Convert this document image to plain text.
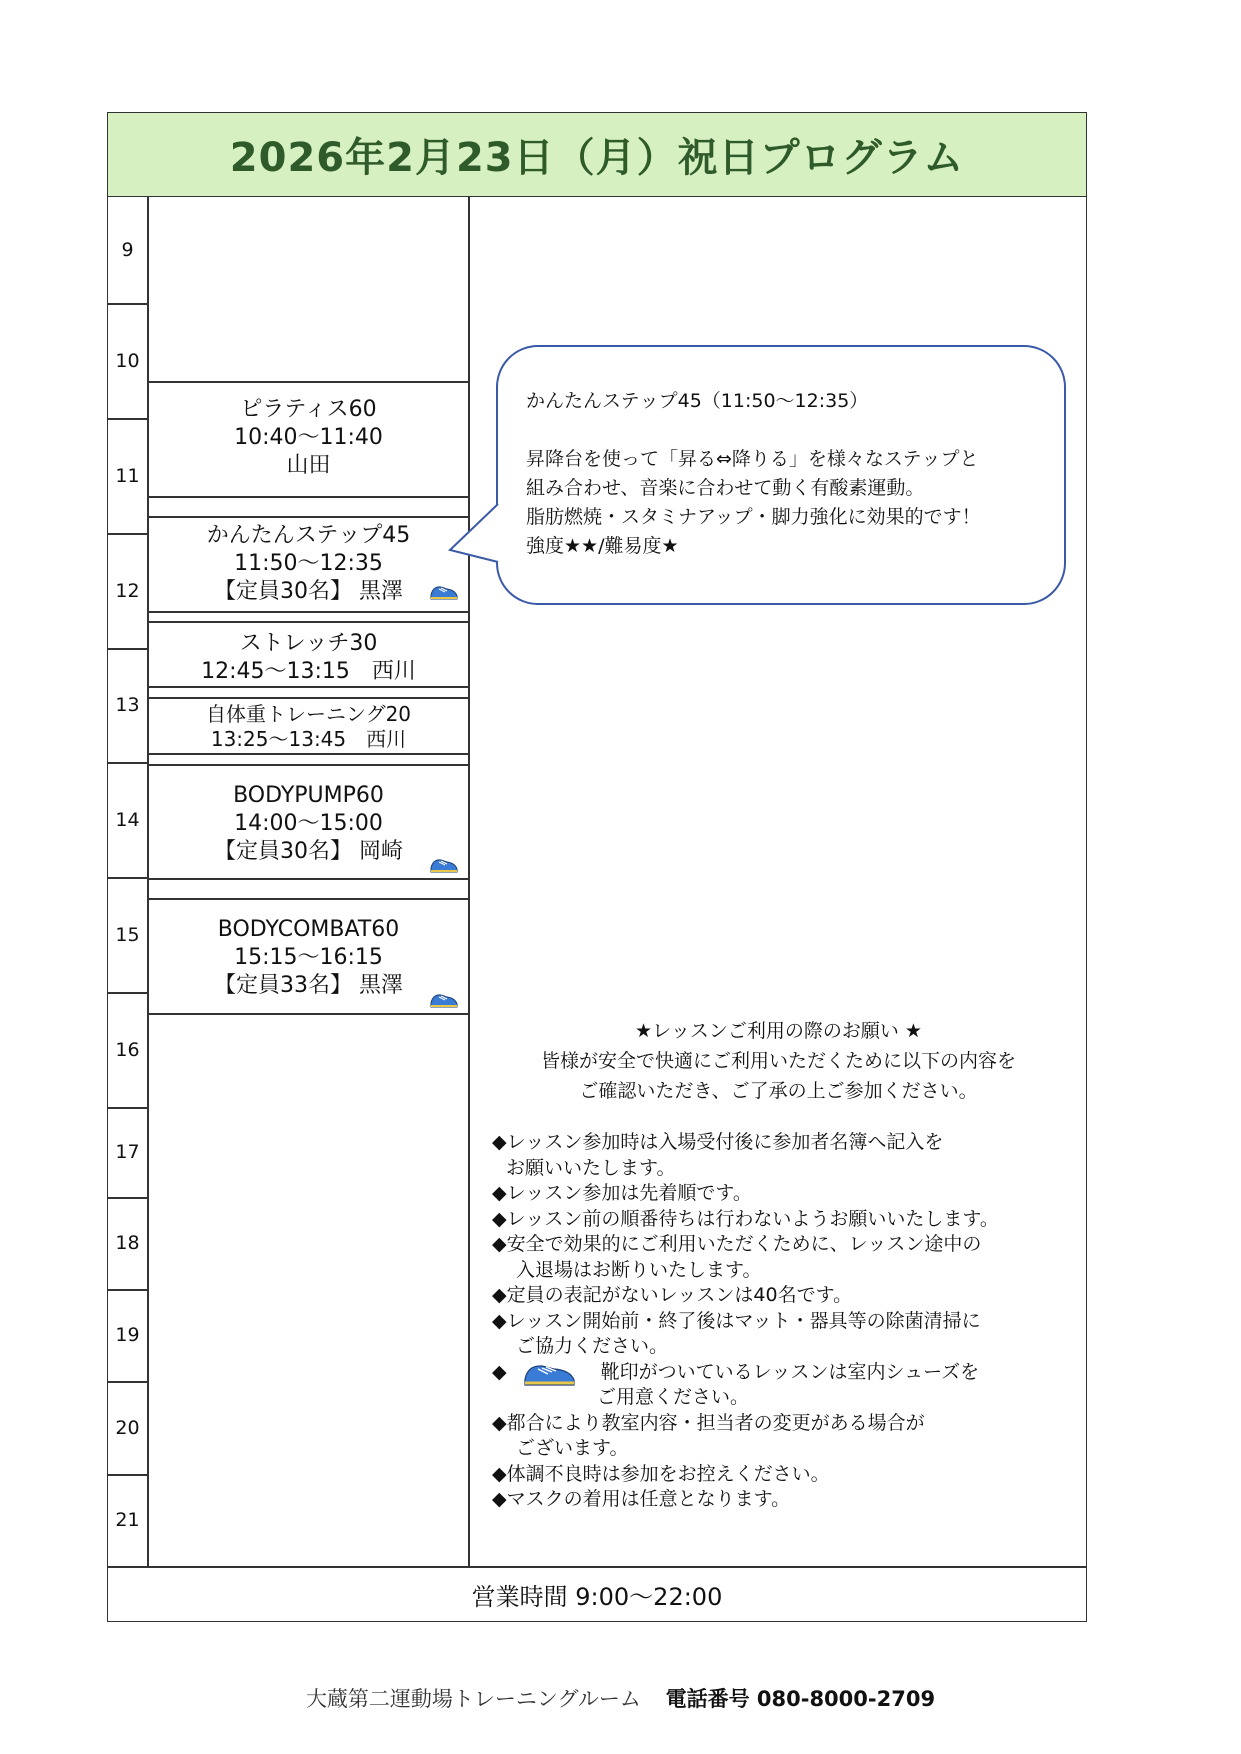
2026年2月23日（月）祝日プログラム
9
10
11
12
13
14
15
16
17
18
19
20
21
ピラティス60
10:40～11:40
山田
かんたんステップ45
11:50～12:35
【定員30名】 黒澤
ストレッチ30
12:45～13:15　西川
自体重トレーニング20
13:25～13:45　西川
BODYPUMP60
14:00～15:00
【定員30名】 岡崎
BODYCOMBAT60
15:15～16:15
【定員33名】 黒澤
かんたんステップ45（11:50～12:35）
昇降台を使って「昇る⇔降りる」を様々なステップと
組み合わせ、音楽に合わせて動く有酸素運動。
脂肪燃焼・スタミナアップ・脚力強化に効果的です！
強度★★/難易度★
★レッスンご利用の際のお願い ★
皆様が安全で快適にご利用いただくために以下の内容を
ご確認いただき、ご了承の上ご参加ください。
◆レッスン参加時は入場受付後に参加者名簿へ記入を
お願いいたします。
◆レッスン参加は先着順です。
◆レッスン前の順番待ちは行わないようお願いいたします。
◆安全で効果的にご利用いただくために、レッスン途中の
入退場はお断りいたします。
◆定員の表記がないレッスンは40名です。
◆レッスン開始前・終了後はマット・器具等の除菌清掃に
ご協力ください。
◆	靴印がついているレッスンは室内シューズを
ご用意ください。
◆都合により教室内容・担当者の変更がある場合が
ございます。
◆体調不良時は参加をお控えください。
◆マスクの着用は任意となります。
営業時間 9:00～22:00
大蔵第二運動場トレーニングルーム 電話番号 080-8000-2709
